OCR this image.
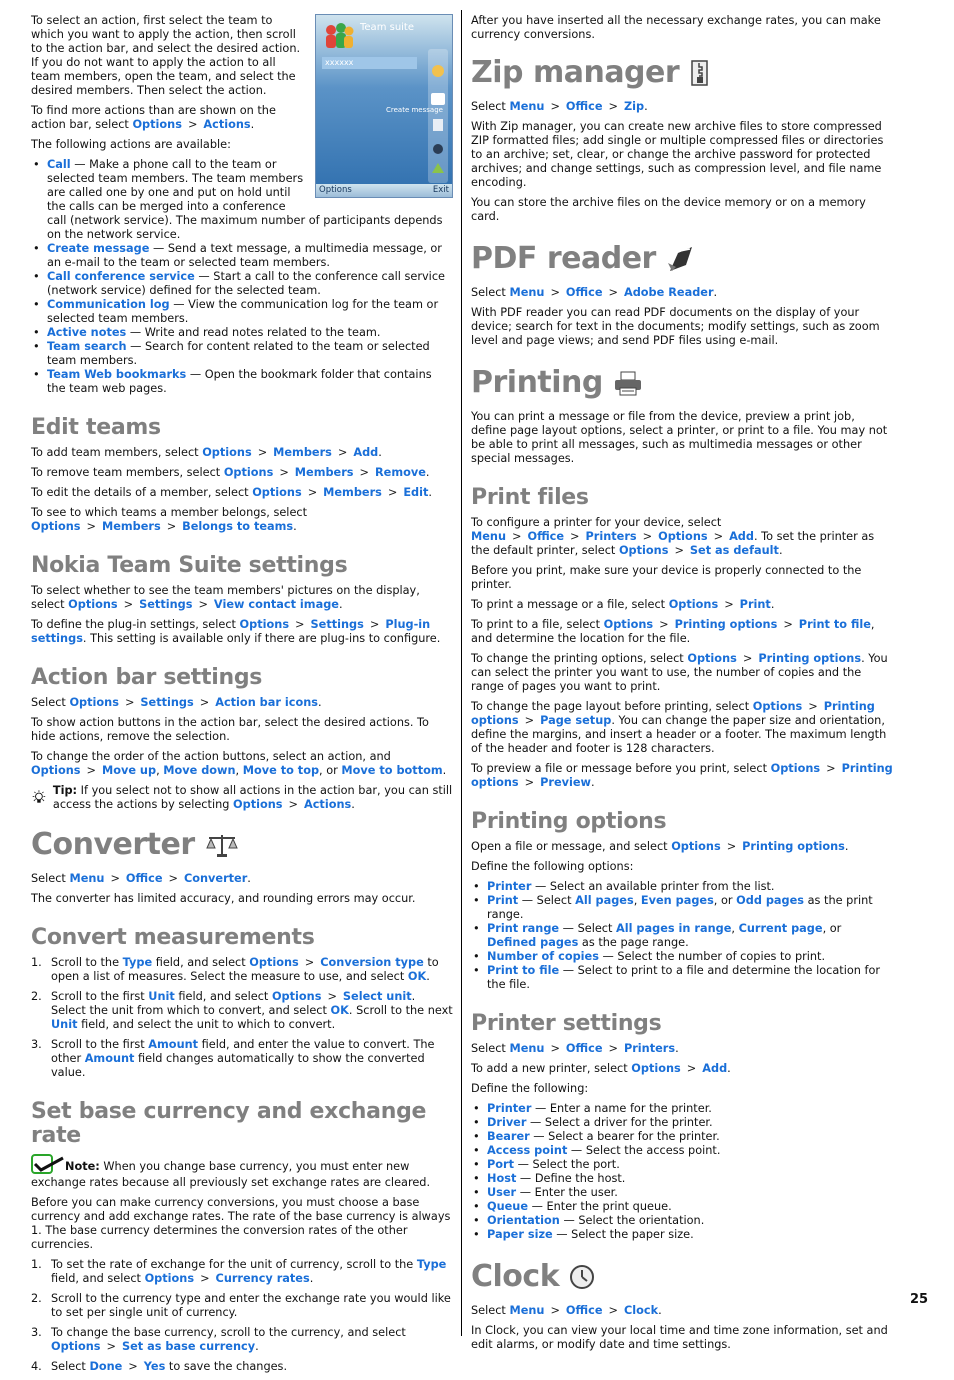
Team suite
xxxxxx
Create message
Options	Exit

To select an action, first select the team to which you want to apply the action, then scroll to the action bar, and select the desired action. If you do not want to apply the action to all team members, open the team, and select the desired members. Then select the action.

To find more actions than are shown on the action bar, select Options > Actions.

The following actions are available:

• Call — Make a phone call to the team or selected team members. The team members are called one by one and put on hold until the calls can be merged into a conference call (network service). The maximum number of participants depends on the network service.
• Create message — Send a text message, a multimedia message, or an e-mail to the team or selected team members.
• Call conference service — Start a call to the conference call service (network service) defined for the selected team.
• Communication log — View the communication log for the team or selected team members.
• Active notes — Write and read notes related to the team.
• Team search — Search for content related to the team or selected team members.
• Team Web bookmarks — Open the bookmark folder that contains the team web pages.
Edit teams

To add team members, select Options > Members > Add.

To remove team members, select Options > Members > Remove.

To edit the details of a member, select Options > Members > Edit.

To see to which teams a member belongs, select Options > Members > Belongs to teams.

Nokia Team Suite settings

To select whether to see the team members' pictures on the display, select Options > Settings > View contact image.

To define the plug-in settings, select Options > Settings > Plug-in settings. This setting is available only if there are plug-ins to configure.

Action bar settings

Select Options > Settings > Action bar icons.

To show action buttons in the action bar, select the desired actions. To hide actions, remove the selection.

To change the order of the action buttons, select an action, and Options > Move up, Move down, Move to top, or Move to bottom.

Tip: If you select not to show all actions in the action bar, you can still access the actions by selecting Options > Actions.
Converter

Select Menu > Office > Converter.

The converter has limited accuracy, and rounding errors may occur.

Convert measurements
1. Scroll to the Type field, and select Options > Conversion type to open a list of measures. Select the measure to use, and select OK.
2. Scroll to the first Unit field, and select Options > Select unit. Select the unit from which to convert, and select OK. Scroll to the next Unit field, and select the unit to which to convert.
3. Scroll to the first Amount field, and enter the value to convert. The other Amount field changes automatically to show the converted value.
Set base currency and exchange rate
Note: When you change base currency, you must enter new exchange rates because all previously set exchange rates are cleared.

Before you can make currency conversions, you must choose a base currency and add exchange rates. The rate of the base currency is always 1. The base currency determines the conversion rates of the other currencies.

1. To set the rate of exchange for the unit of currency, scroll to the Type field, and select Options > Currency rates.
2. Scroll to the currency type and enter the exchange rate you would like to set per single unit of currency.
3. To change the base currency, scroll to the currency, and select Options > Set as base currency.
4. Select Done > Yes to save the changes.

After you have inserted all the necessary exchange rates, you can make currency conversions.

Zip manager

Select Menu > Office > Zip.

With Zip manager, you can create new archive files to store compressed ZIP formatted files; add single or multiple compressed files or directories to an archive; set, clear, or change the archive password for protected archives; and change settings, such as compression level, and file name encoding.

You can store the archive files on the device memory or on a memory card.

PDF reader

Select Menu > Office > Adobe Reader.

With PDF reader you can read PDF documents on the display of your device; search for text in the documents; modify settings, such as zoom level and page views; and send PDF files using e-mail.

Printing

You can print a message or file from the device, preview a print job, define page layout options, select a printer, or print to a file. You may not be able to print all messages, such as multimedia messages or other special messages.

Print files

To configure a printer for your device, select Menu > Office > Printers > Options > Add. To set the printer as the default printer, select Options > Set as default.

Before you print, make sure your device is properly connected to the printer.

To print a message or a file, select Options > Print.

To print to a file, select Options > Printing options > Print to file, and determine the location for the file.

To change the printing options, select Options > Printing options. You can select the printer you want to use, the number of copies and the range of pages you want to print.

To change the page layout before printing, select Options > Printing options > Page setup. You can change the paper size and orientation, define the margins, and insert a header or a footer. The maximum length of the header and footer is 128 characters.

To preview a file or message before you print, select Options > Printing options > Preview.

Printing options

Open a file or message, and select Options > Printing options.

Define the following options:

• Printer — Select an available printer from the list.
• Print — Select All pages, Even pages, or Odd pages as the print range.
• Print range — Select All pages in range, Current page, or Defined pages as the page range.
• Number of copies — Select the number of copies to print.
• Print to file — Select to print to a file and determine the location for the file.
Printer settings

Select Menu > Office > Printers.

To add a new printer, select Options > Add.

Define the following:

• Printer — Enter a name for the printer.
• Driver — Select a driver for the printer.
• Bearer — Select a bearer for the printer.
• Access point — Select the access point.
• Port — Select the port.
• Host — Define the host.
• User — Enter the user.
• Queue — Enter the print queue.
• Orientation — Select the orientation.
• Paper size — Select the paper size.
Clock

Select Menu > Office > Clock.

In Clock, you can view your local time and time zone information, set and edit alarms, or modify date and time settings.

25
